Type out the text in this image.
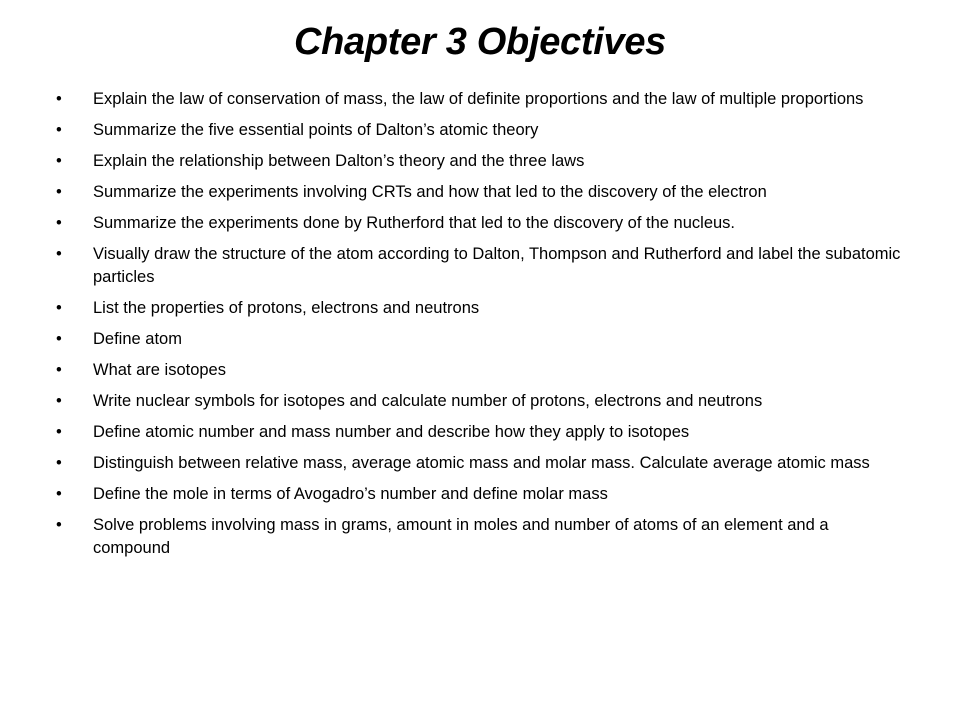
Chapter 3 Objectives
• Explain the law of conservation of mass, the law of definite proportions and the law of multiple proportions
• Summarize the five essential points of Dalton’s atomic theory
• Explain the relationship between Dalton’s theory and the three laws
• Summarize the experiments involving CRTs and how that led to the discovery of the electron
• Summarize the experiments done by Rutherford that led to the discovery of the nucleus.
• Visually draw the structure of the atom according to Dalton, Thompson and Rutherford and label the subatomic particles
• List the properties of protons, electrons and neutrons
• Define atom
• What are isotopes
• Write nuclear symbols for isotopes and calculate number of protons, electrons and neutrons
• Define atomic number and mass number and describe how they apply to isotopes
• Distinguish between relative mass, average atomic mass and molar mass. Calculate average atomic mass
• Define the mole in terms of Avogadro’s number and define molar mass
• Solve problems involving mass in grams, amount in moles and number of atoms of an element and a compound
